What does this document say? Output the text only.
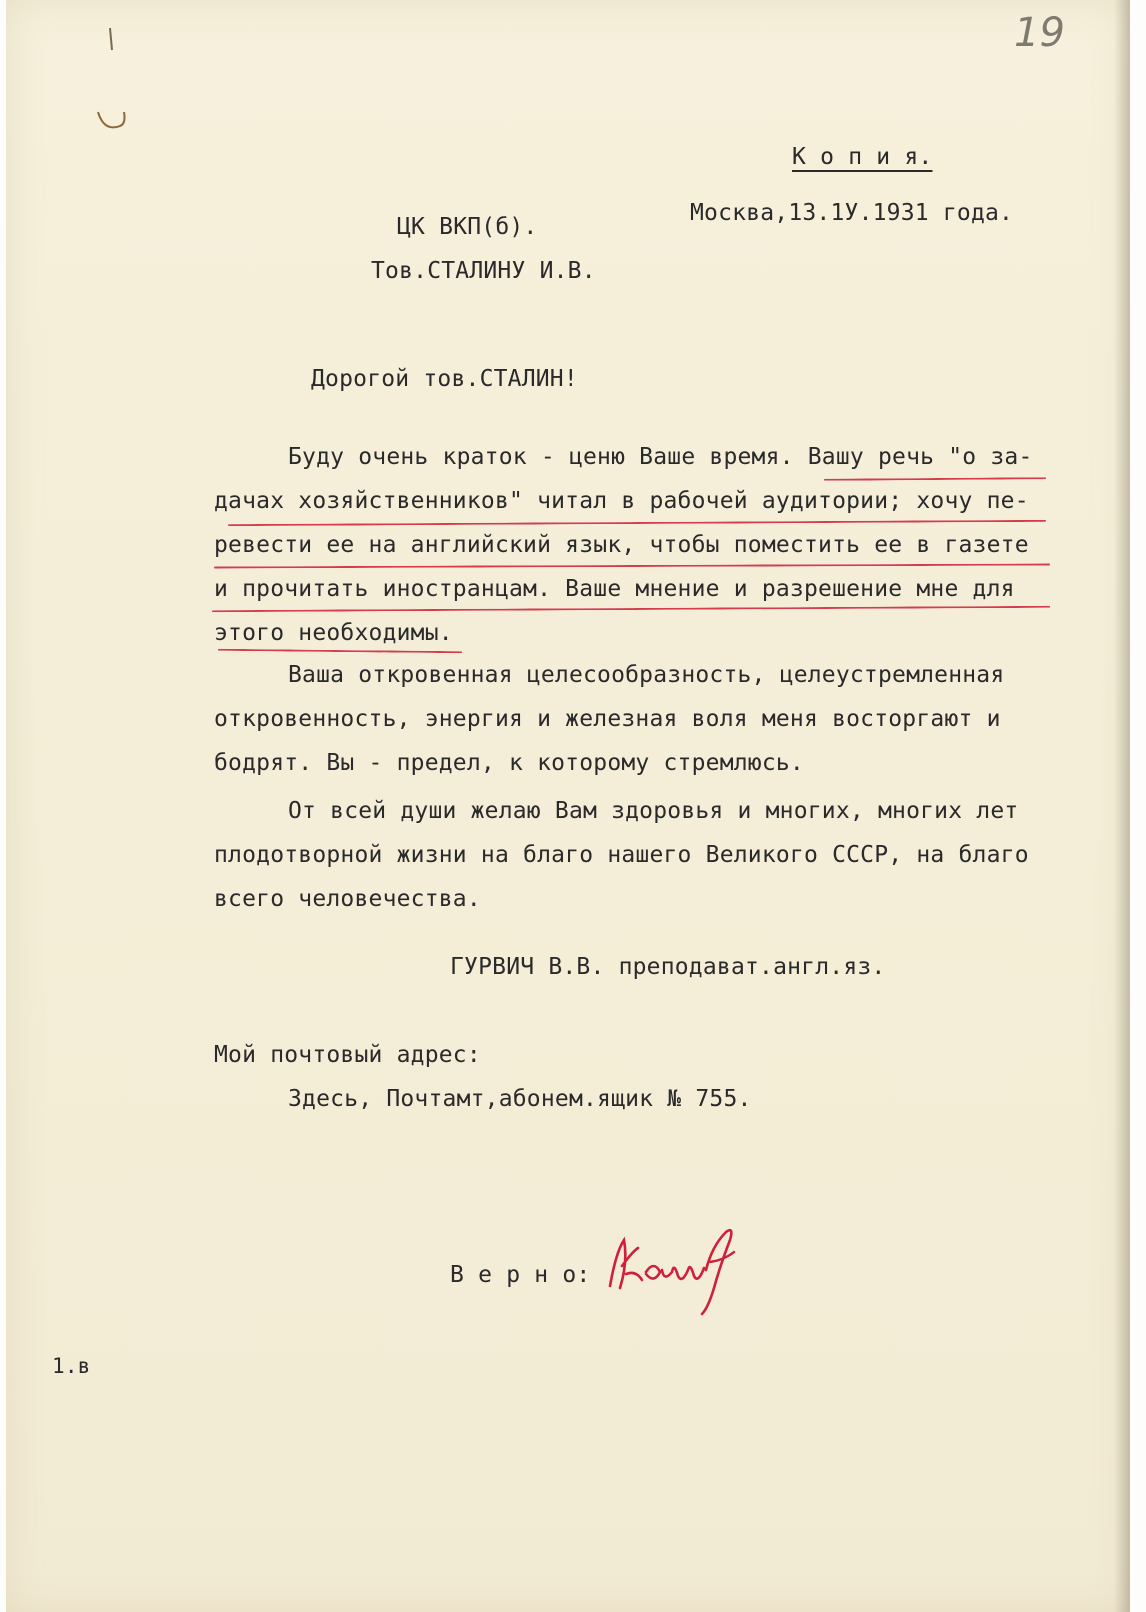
19
К о п и я.
Москва,13.1У.1931 года.
ЦК ВКП(б).
Тов.СТАЛИНУ И.В.
Дорогой тов.СТАЛИН!
Буду очень краток - ценю Ваше время. Вашу речь "о за-
дачах хозяйственников" читал в рабочей аудитории; хочу пе-
ревести ее на английский язык, чтобы поместить ее в газете
и прочитать иностранцам. Ваше мнение и разрешение мне для
этого необходимы.
Ваша откровенная целесообразность, целеустремленная
откровенность, энергия и железная воля меня восторгают и
бодрят. Вы - предел, к которому стремлюсь.
От всей души желаю Вам здоровья и многих, многих лет
плодотворной жизни на благо нашего Великого СССР, на благо
всего человечества.
ГУРВИЧ В.В. преподават.англ.яз.
Мой почтовый адрес:
Здесь, Почтамт,абонем.ящик № 755.
В е р н о:
1.в
